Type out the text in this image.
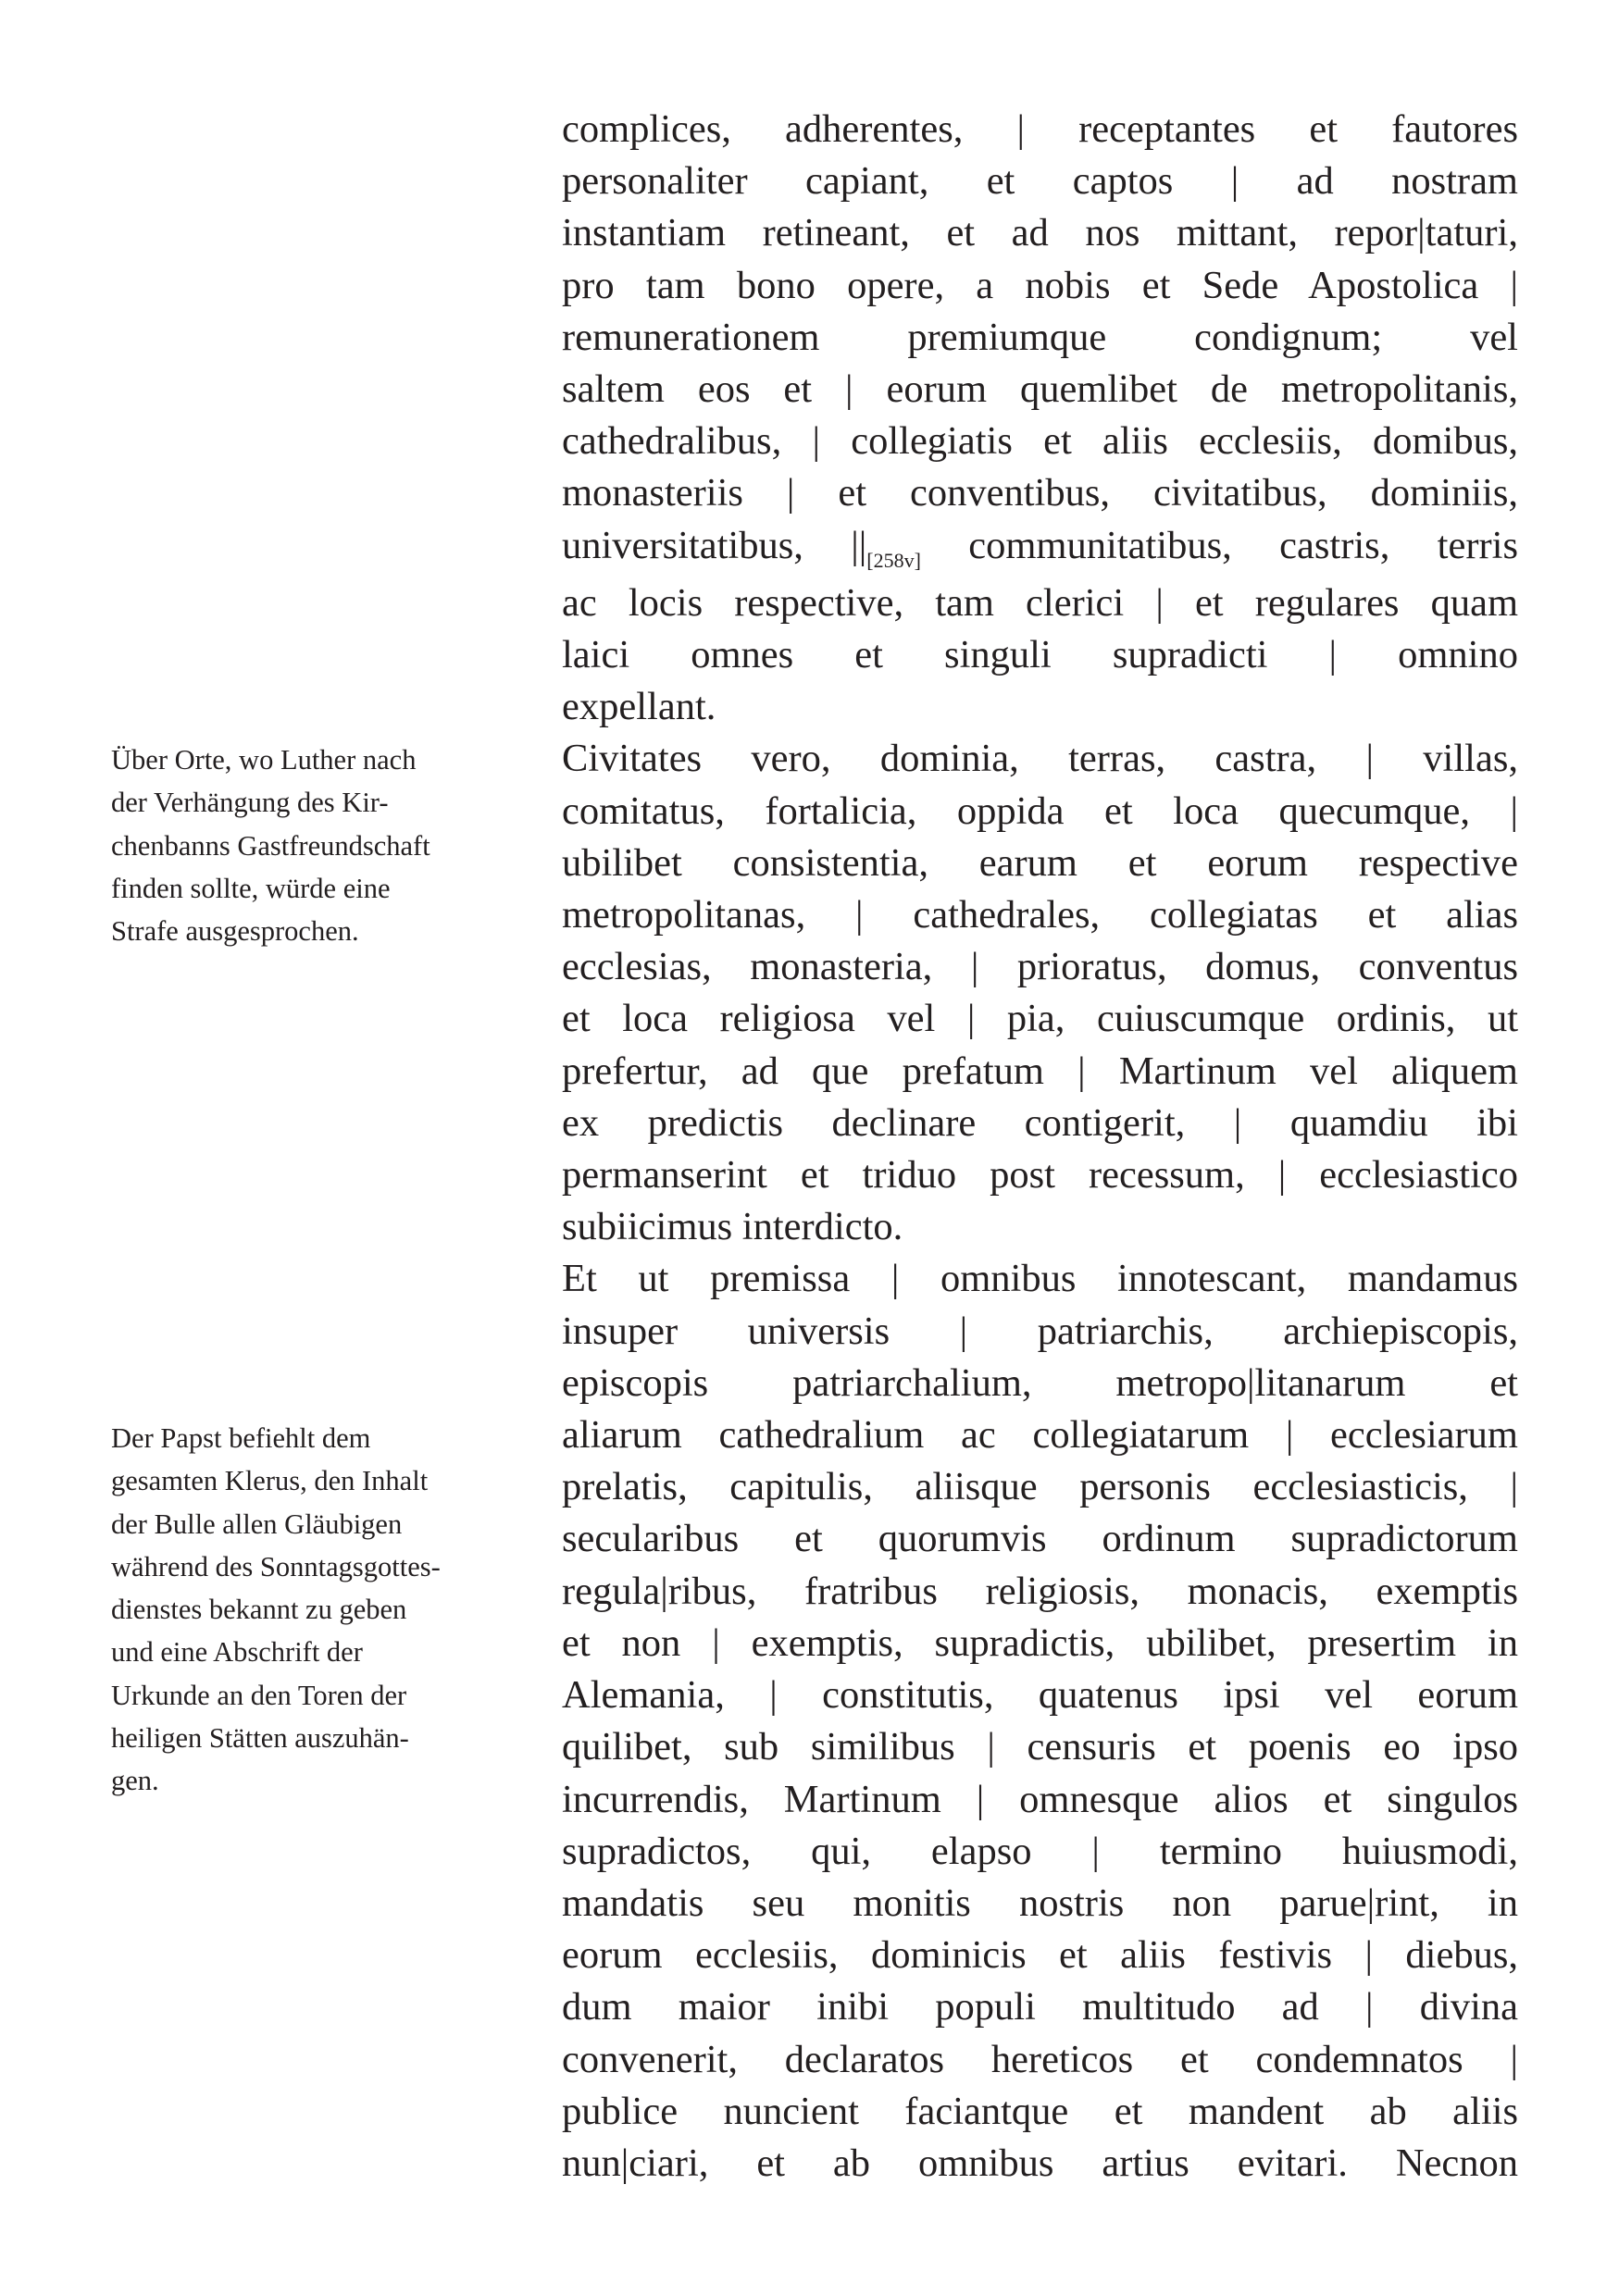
Über Orte, wo Luther nach
der Verhängung des Kir-
chenbanns Gastfreundschaft
finden sollte, würde eine
Strafe ausgesprochen.
Der Papst befiehlt dem
gesamten Klerus, den Inhalt
der Bulle allen Gläubigen
während des Sonntagsgottes-
dienstes bekannt zu geben
und eine Abschrift der
Urkunde an den Toren der
heiligen Stätten auszuhän-
gen.
complices, adherentes, | receptantes et fautores
personaliter capiant, et captos | ad nostram
instantiam retineant, et ad nos mittant, repor|taturi,
pro tam bono opere, a nobis et Sede Apostolica |
remunerationem premiumque condignum; vel
saltem eos et | eorum quemlibet de metropolitanis,
cathedralibus, | collegiatis et aliis ecclesiis, domibus,
monasteriis | et conventibus, civitatibus, dominiis,
universitatibus, $||_{[258v]}$ communitatibus, castris, terris
ac locis respective, tam clerici | et regulares quam
laici omnes et singuli supradicti | omnino
expellant.
Civitates vero, dominia, terras, castra, | villas,
comitatus, fortalicia, oppida et loca quecumque, |
ubilibet consistentia, earum et eorum respective
metropolitanas, | cathedrales, collegiatas et alias
ecclesias, monasteria, | prioratus, domus, conventus
et loca religiosa vel | pia, cuiuscumque ordinis, ut
prefertur, ad que prefatum | Martinum vel aliquem
ex predictis declinare contigerit, | quamdiu ibi
permanserint et triduo post recessum, | ecclesiastico
subiicimus interdicto.
Et ut premissa | omnibus innotescant, mandamus
insuper universis | patriarchis, archiepiscopis,
episcopis patriarchalium, metropo|litanarum et
aliarum cathedralium ac collegiatarum | ecclesiarum
prelatis, capitulis, aliisque personis ecclesiasticis, |
secularibus et quorumvis ordinum supradictorum
regula|ribus, fratribus religiosis, monacis, exemptis
et non | exemptis, supradictis, ubilibet, presertim in
Alemania, | constitutis, quatenus ipsi vel eorum
quilibet, sub similibus | censuris et poenis eo ipso
incurrendis, Martinum | omnesque alios et singulos
supradictos, qui, elapso | termino huiusmodi,
mandatis seu monitis nostris non parue|rint, in
eorum ecclesiis, dominicis et aliis festivis | diebus,
dum maior inibi populi multitudo ad | divina
convenerit, declaratos hereticos et condemnatos |
publice nuncient faciantque et mandent ab aliis
nun|ciari, et ab omnibus artius evitari. Necnon
